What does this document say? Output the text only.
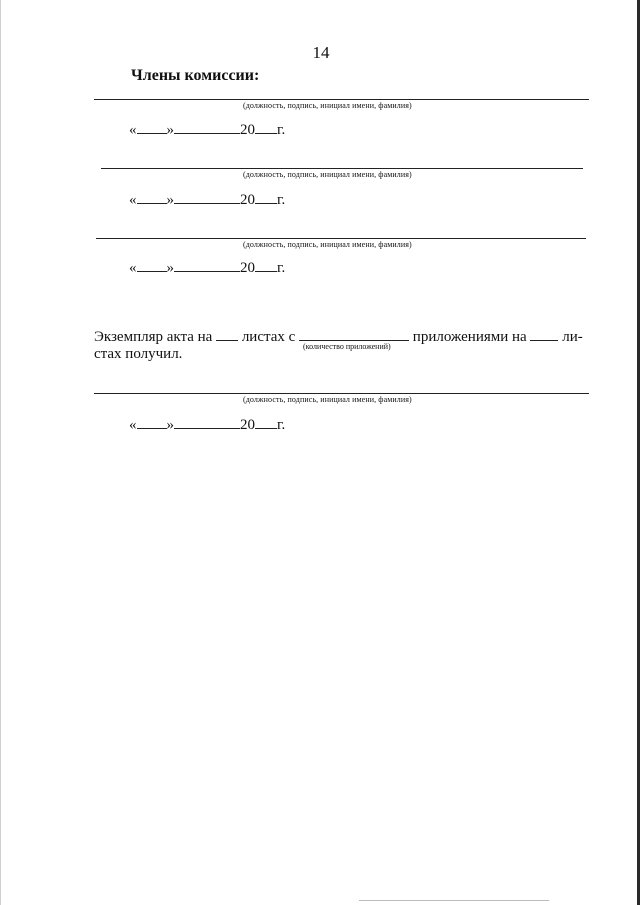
14
Члены комиссии:
(должность, подпись, инициал имени, фамилия)
« »	20 г.
(должность, подпись, инициал имени, фамилия)
« »	20 г.
(должность, подпись, инициал имени, фамилия)
« »	20 г.
Экземпляр акта на листах с	приложениями на ли-
(количество приложений)
стах получил.
(должность, подпись, инициал имени, фамилия)
« »	20 г.
